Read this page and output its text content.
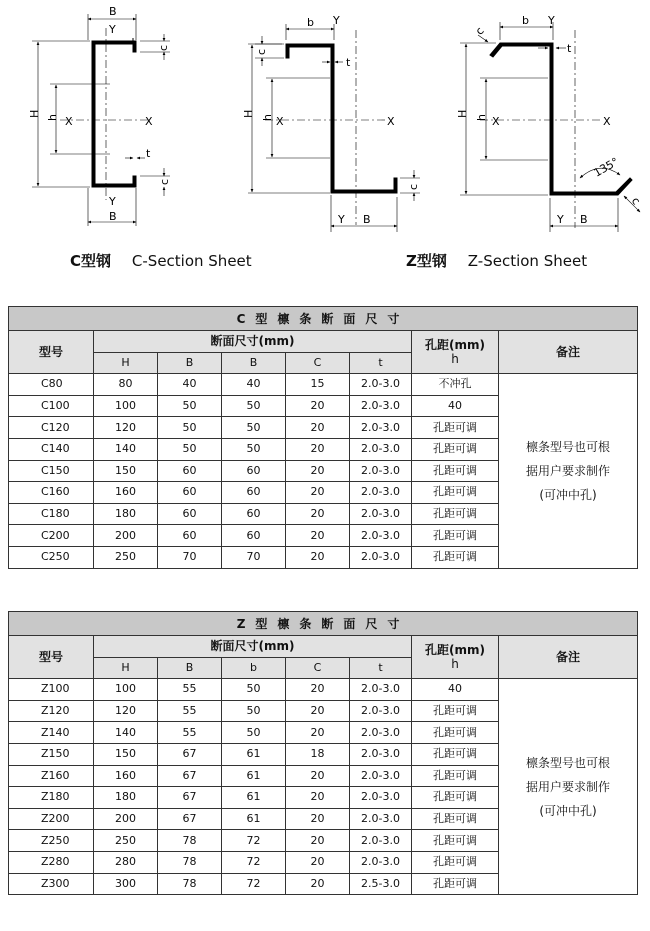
B
Y
c
H h X	X
t
c
Y
B
b Y
c
t
H h X	X
c
Y B
c
b Y
t
H h X	X
135°
c
Y B
C型钢 C-Section Sheet	Z型钢 Z-Section Sheet
C型檩条断面尺寸							
型号	断面尺寸(mm)					孔距(mm)
h	备注
	H	B	B	C	t		
C80	80	40	40	15	2.0-3.0	不冲孔	檩条型号也可根
据用户要求制作
(可冲中孔)

C100	100	50	50	20	2.0-3.0	40	
C120	120	50	50	20	2.0-3.0	孔距可调	
C140	140	50	50	20	2.0-3.0	孔距可调	
C150	150	60	60	20	2.0-3.0	孔距可调	
C160	160	60	60	20	2.0-3.0	孔距可调	
C180	180	60	60	20	2.0-3.0	孔距可调	
C200	200	60	60	20	2.0-3.0	孔距可调	
C250	250	70	70	20	2.0-3.0	孔距可调	
Z型檩条断面尺寸							
型号	断面尺寸(mm)					孔距(mm)
h	备注
	H	B	b	C	t		
Z100	100	55	50	20	2.0-3.0	40	檩条型号也可根
据用户要求制作
(可冲中孔)

Z120	120	55	50	20	2.0-3.0	孔距可调	
Z140	140	55	50	20	2.0-3.0	孔距可调	
Z150	150	67	61	18	2.0-3.0	孔距可调	
Z160	160	67	61	20	2.0-3.0	孔距可调	
Z180	180	67	61	20	2.0-3.0	孔距可调	
Z200	200	67	61	20	2.0-3.0	孔距可调	
Z250	250	78	72	20	2.0-3.0	孔距可调	
Z280	280	78	72	20	2.0-3.0	孔距可调	
Z300	300	78	72	20	2.5-3.0	孔距可调	
